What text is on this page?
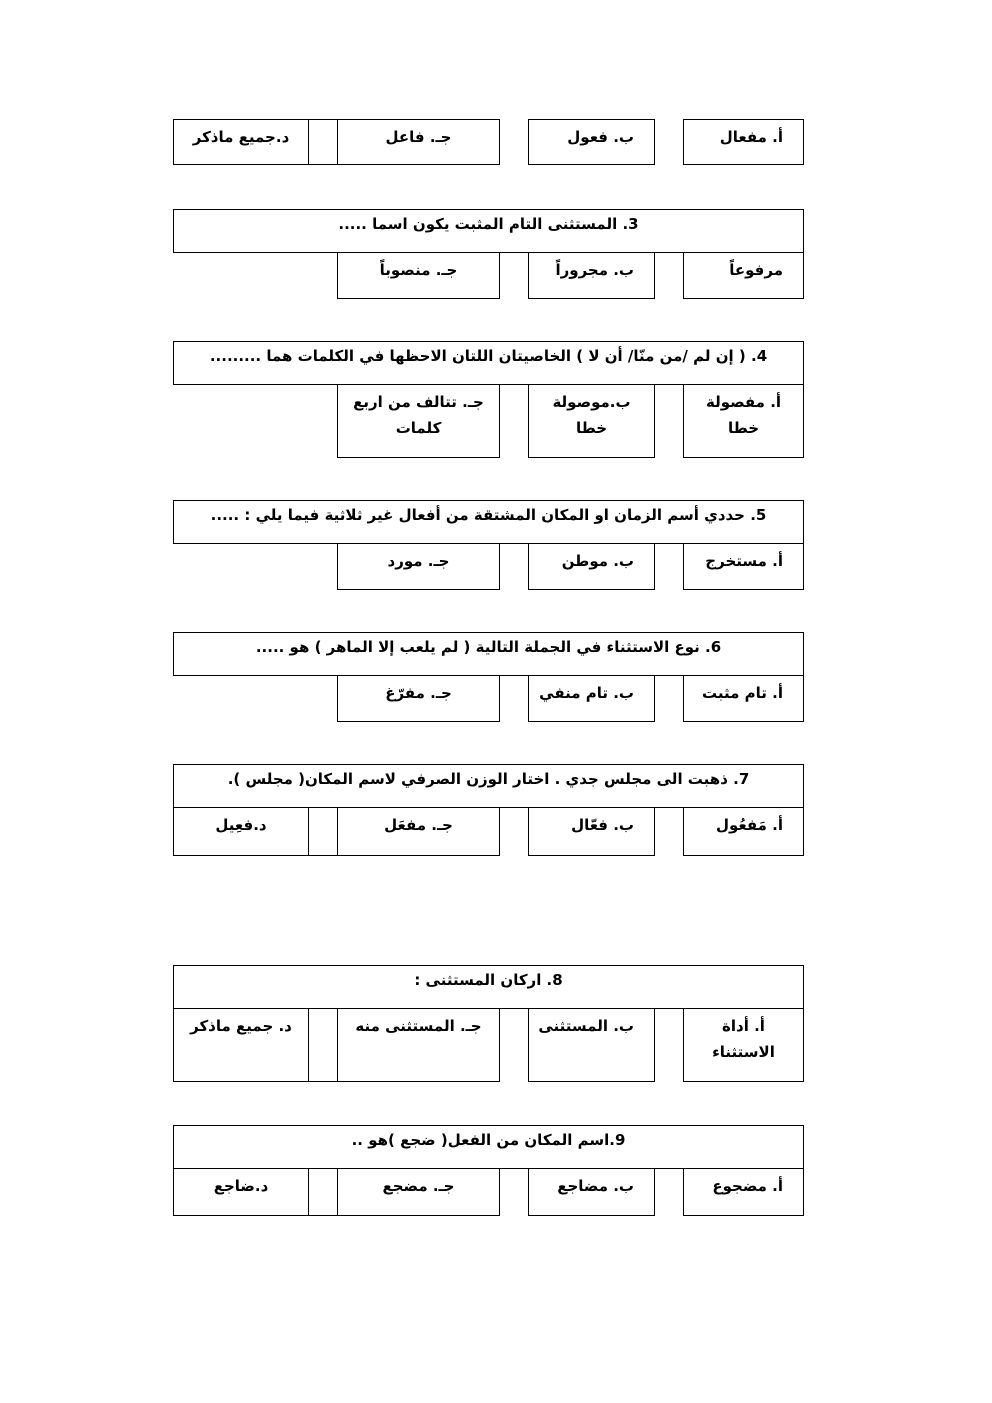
أ. مفعال
ب. فعول
جـ. فاعل
د.جميع ماذكر
3. المستثنى التام المثبت يكون اسما .....
مرفوعاً
ب. مجروراً
جـ. منصوباً
4. ( إن لم /من منّا/ أن لا ) الخاصيتان اللتان الاحظها في الكلمات هما .........
أ. مفصولة خطا
ب.موصولة خطا
جـ. تتالف من اربع كلمات
5. حددي أسم الزمان او المكان المشتقة من أفعال غير ثلاثية فيما يلي : .....
أ. مستخرج
ب. موطن
جـ. مورد
6. نوع الاستثناء في الجملة التالية ( لم يلعب إلا الماهر ) هو .....
أ. تام مثبت
ب. تام منفي
جـ. مفرّغ
7. ذهبت الى مجلس جدي . اختار الوزن الصرفي لاسم المكان( مجلس ).
أ. مَفعُول
ب. فعّال
جـ. مفعَل
د.فعِيل
8. اركان المستثنى :
أ. أداة الاستثناء
ب. المستثنى
جـ. المستثنى منه
د. جميع ماذكر
9.اسم المكان من الفعل( ضجع )هو ..
أ. مضجوع
ب. مضاجع
جـ. مضجع
د.ضاجع
